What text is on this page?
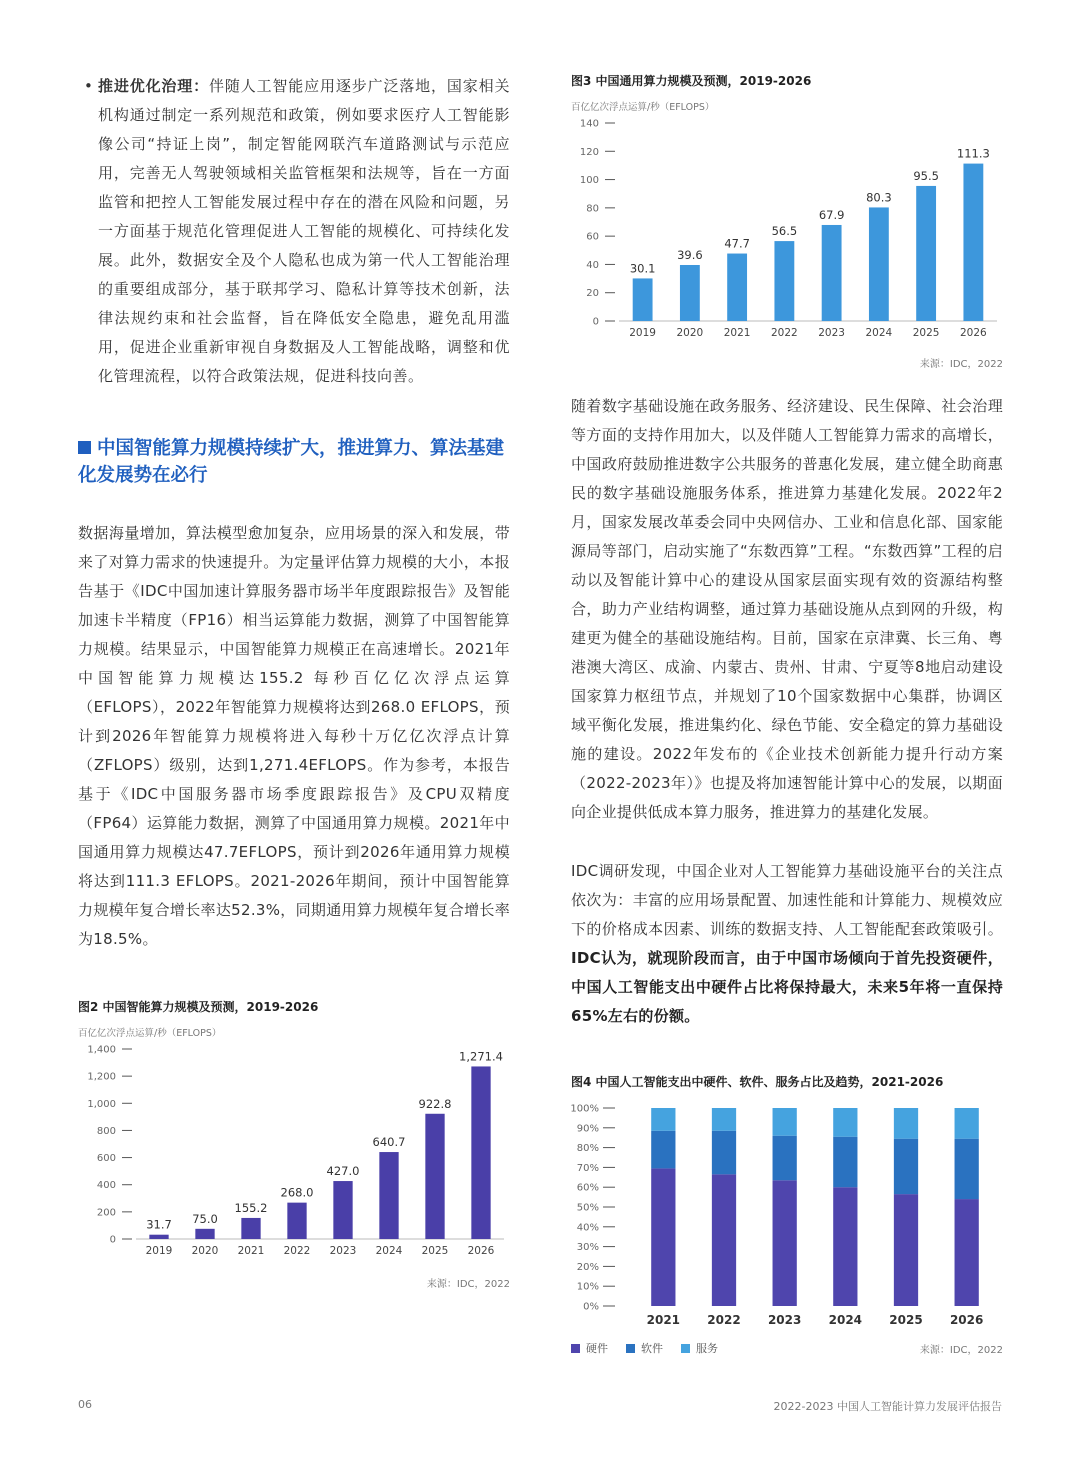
• 推进优化治理：伴随人工智能应用逐步广泛落地，国家相关机构通过制定一系列规范和政策，例如要求医疗人工智能影像公司“持证上岗”，制定智能网联汽车道路测试与示范应用，完善无人驾驶领域相关监管框架和法规等，旨在一方面监管和把控人工智能发展过程中存在的潜在风险和问题，另一方面基于规范化管理促进人工智能的规模化、可持续化发展。此外，数据安全及个人隐私也成为第一代人工智能治理的重要组成部分，基于联邦学习、隐私计算等技术创新，法律法规约束和社会监督，旨在降低安全隐患，避免乱用滥用，促进企业重新审视自身数据及人工智能战略，调整和优化管理流程，以符合政策法规，促进科技向善。
中国智能算力规模持续扩大，推进算力、算法基建化发展势在必行
数据海量增加，算法模型愈加复杂，应用场景的深入和发展，带来了对算力需求的快速提升。为定量评估算力规模的大小，本报告基于《IDC中国加速计算服务器市场半年度跟踪报告》及智能加速卡半精度（FP16）相当运算能力数据，测算了中国智能算力规模。结果显示，中国智能算力规模正在高速增长。2021年中国智能算力规模达155.2 每秒百亿亿次浮点运算（EFLOPS），2022年智能算力规模将达到268.0 EFLOPS，预计到2026年智能算力规模将进入每秒十万亿亿次浮点计算（ZFLOPS）级别，达到1,271.4EFLOPS。作为参考，本报告基于《IDC中国服务器市场季度跟踪报告》及CPU双精度（FP64）运算能力数据，测算了中国通用算力规模。2021年中国通用算力规模达47.7EFLOPS，预计到2026年通用算力规模将达到111.3 EFLOPS。2021-2026年期间，预计中国智能算力规模年复合增长率达52.3%，同期通用算力规模年复合增长率为18.5%。
图2 中国智能算力规模及预测，2019-2026
百亿亿次浮点运算/秒（EFLOPS）
0
200
400
600
800
1,000
1,200
1,400
31.7
2019
75.0
2020
155.2
2021
268.0
2022
427.0
2023
640.7
2024
922.8
2025
1,271.4
2026
来源：IDC，2022
图3 中国通用算力规模及预测，2019-2026
百亿亿次浮点运算/秒（EFLOPS）
0
20
40
60
80
100
120
140
30.1
2019
39.6
2020
47.7
2021
56.5
2022
67.9
2023
80.3
2024
95.5
2025
111.3
2026
来源：IDC，2022
随着数字基础设施在政务服务、经济建设、民生保障、社会治理等方面的支持作用加大，以及伴随人工智能算力需求的高增长，中国政府鼓励推进数字公共服务的普惠化发展，建立健全助商惠民的数字基础设施服务体系，推进算力基建化发展。2022年2月，国家发展改革委会同中央网信办、工业和信息化部、国家能源局等部门，启动实施了“东数西算”工程。“东数西算”工程的启动以及智能计算中心的建设从国家层面实现有效的资源结构整合，助力产业结构调整，通过算力基础设施从点到网的升级，构建更为健全的基础设施结构。目前，国家在京津冀、长三角、粤港澳大湾区、成渝、内蒙古、贵州、甘肃、宁夏等8地启动建设国家算力枢纽节点，并规划了10个国家数据中心集群，协调区域平衡化发展，推进集约化、绿色节能、安全稳定的算力基础设施的建设。2022年发布的《企业技术创新能力提升行动方案（2022-2023年）》也提及将加速智能计算中心的发展，以期面向企业提供低成本算力服务，推进算力的基建化发展。
IDC调研发现，中国企业对人工智能算力基础设施平台的关注点依次为：丰富的应用场景配置、加速性能和计算能力、规模效应下的价格成本因素、训练的数据支持、人工智能配套政策吸引。IDC认为，就现阶段而言，由于中国市场倾向于首先投资硬件，中国人工智能支出中硬件占比将保持最大，未来5年将一直保持65%左右的份额。
图4 中国人工智能支出中硬件、软件、服务占比及趋势，2021-2026
0%
10%
20%
30%
40%
50%
60%
70%
80%
90%
100%
2021 2022 2023 2024 2025 2026
硬件	软件	服务	来源：IDC，2022
06	2022-2023 中国人工智能计算力发展评估报告
